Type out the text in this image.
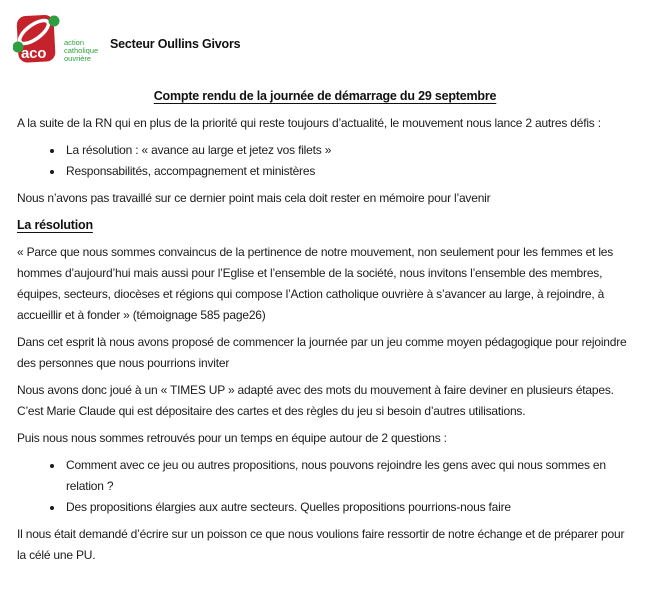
aco
action
catholique
ouvrière
Secteur Oullins Givors
Compte rendu de la journée de démarrage du 29 septembre

A la suite de la RN qui en plus de la priorité qui reste toujours d’actualité, le mouvement nous lance 2 autres défis :

• La résolution : « avance au large et jetez vos filets »
• Responsabilités, accompagnement et ministères

Nous n’avons pas travaillé sur ce dernier point mais cela doit rester en mémoire pour l’avenir

La résolution

« Parce que nous sommes convaincus de la pertinence de notre mouvement, non seulement pour les femmes et les hommes d’aujourd’hui mais aussi pour l’Eglise et l’ensemble de la société, nous invitons l’ensemble des membres, équipes, secteurs, diocèses et régions qui compose l’Action catholique ouvrière à s’avancer au large, à rejoindre, à accueillir et à fonder » (témoignage 585 page26)

Dans cet esprit là nous avons proposé de commencer la journée par un jeu comme moyen pédagogique pour rejoindre des personnes que nous pourrions inviter

Nous avons donc joué à un « TIMES UP » adapté avec des mots du mouvement à faire deviner en plusieurs étapes. C’est Marie Claude qui est dépositaire des cartes et des règles du jeu si besoin d’autres utilisations.

Puis nous nous sommes retrouvés pour un temps en équipe autour de 2 questions :

• Comment avec ce jeu ou autres propositions, nous pouvons rejoindre les gens avec qui nous sommes en relation ?
• Des propositions élargies aux autre secteurs. Quelles propositions pourrions-nous faire

Il nous était demandé d’écrire sur un poisson ce que nous voulions faire ressortir de notre échange et de préparer pour la célé une PU.
